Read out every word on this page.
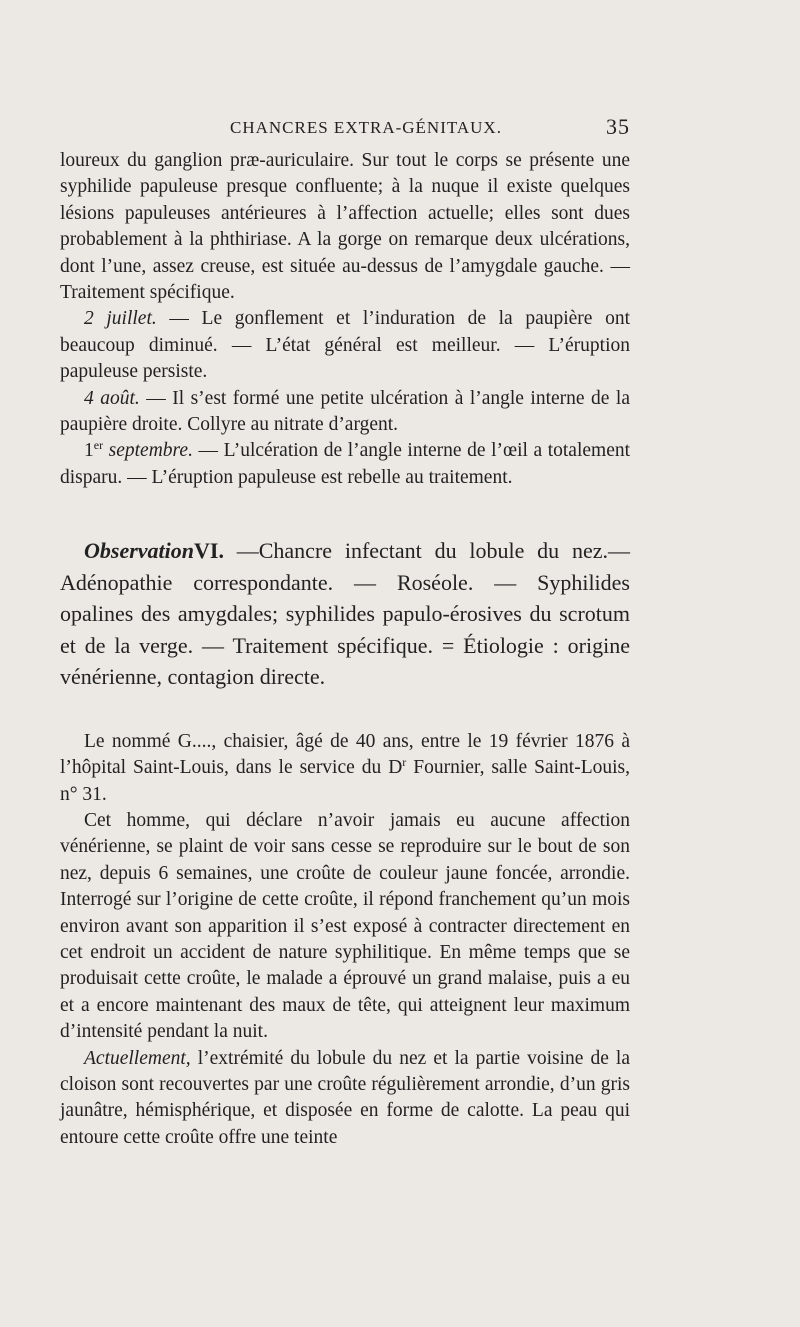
CHANCRES EXTRA-GÉNITAUX.	35

loureux du ganglion præ-auriculaire. Sur tout le corps se présente une syphilide papuleuse presque confluente; à la nuque il existe quelques lésions papuleuses antérieures à l’affection actuelle; elles sont dues probablement à la phthiriase. A la gorge on remarque deux ulcérations, dont l’une, assez creuse, est située au-dessus de l’amygdale gauche. — Traitement spécifique.

2 juillet. — Le gonflement et l’induration de la paupière ont beaucoup diminué. — L’état général est meilleur. — L’éruption papuleuse persiste.

4 août. — Il s’est formé une petite ulcération à l’angle interne de la paupière droite. Collyre au nitrate d’argent.

1er septembre. — L’ulcération de l’angle interne de l’œil a totalement disparu. — L’éruption papuleuse est rebelle au traitement.

ObservationVI. —Chancre infectant du lobule du nez.— Adénopathie correspondante. — Roséole. — Syphilides opalines des amygdales; syphilides papulo-érosives du scrotum et de la verge. — Traitement spécifique. = Étiologie : origine vénérienne, contagion directe.

Le nommé G...., chaisier, âgé de 40 ans, entre le 19 février 1876 à l’hôpital Saint-Louis, dans le service du $D^r$ Fournier, salle Saint-Louis, n° 31.

Cet homme, qui déclare n’avoir jamais eu aucune affection vénérienne, se plaint de voir sans cesse se reproduire sur le bout de son nez, depuis 6 semaines, une croûte de couleur jaune foncée, arrondie. Interrogé sur l’origine de cette croûte, il répond franchement qu’un mois environ avant son apparition il s’est exposé à contracter directement en cet endroit un accident de nature syphilitique. En même temps que se produisait cette croûte, le malade a éprouvé un grand malaise, puis a eu et a encore maintenant des maux de tête, qui atteignent leur maximum d’intensité pendant la nuit.

Actuellement, l’extrémité du lobule du nez et la partie voisine de la cloison sont recouvertes par une croûte régulièrement arrondie, d’un gris jaunâtre, hémisphérique, et disposée en forme de calotte. La peau qui entoure cette croûte offre une teinte
